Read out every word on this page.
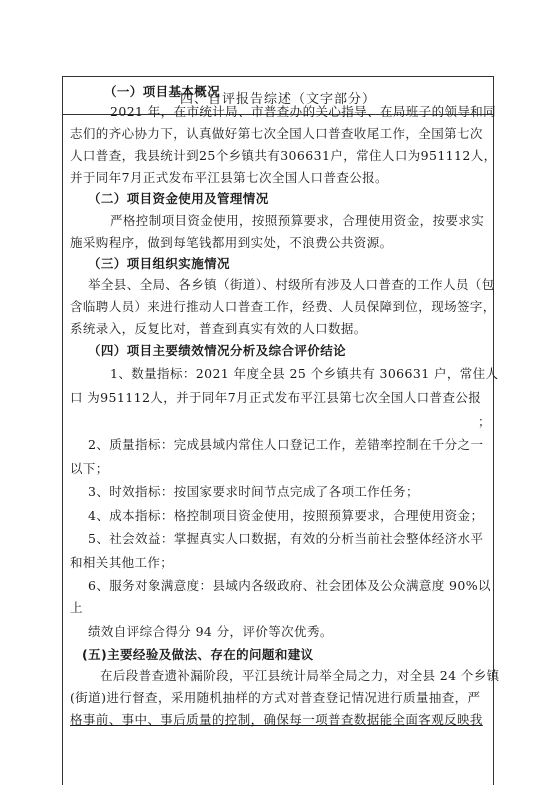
四、自评报告综述（文字部分）
（一）项目基本概况
2021 年，在市统计局、市普查办的关心指导、在局班子的领导和同
志们的齐心协力下，认真做好第七次全国人口普查收尾工作，全国第七次
人口普查，我县统计到25个乡镇共有306631户，常住人口为951112人，
并于同年7月正式发布平江县第七次全国人口普查公报。
（二）项目资金使用及管理情况
严格控制项目资金使用，按照预算要求，合理使用资金，按要求实
施采购程序，做到每笔钱都用到实处，不浪费公共资源。
（三）项目组织实施情况
举全县、全局、各乡镇（街道）、村级所有涉及人口普查的工作人员（包
含临聘人员）来进行推动人口普查工作，经费、人员保障到位，现场签字，
系统录入，反复比对，普查到真实有效的人口数据。
（四）项目主要绩效情况分析及综合评价结论
1、数量指标：2021 年度全县 25 个乡镇共有 306631 户，常住人
口 为951112人，并于同年7月正式发布平江县第七次全国人口普查公报
；
2、质量指标：完成县域内常住人口登记工作，差错率控制在千分之一
以下；
3、时效指标：按国家要求时间节点完成了各项工作任务；
4、成本指标：格控制项目资金使用，按照预算要求，合理使用资金；
5、社会效益：掌握真实人口数据，有效的分析当前社会整体经济水平
和相关其他工作；
6、服务对象满意度：县域内各级政府、社会团体及公众满意度 90%以
上
绩效自评综合得分 94 分，评价等次优秀。
(五)主要经验及做法、存在的问题和建议
在后段普查遗补漏阶段，平江县统计局举全局之力，对全县 24 个乡镇
(街道)进行督查，采用随机抽样的方式对普查登记情况进行质量抽查，严
格事前、事中、事后质量的控制，确保每一项普查数据能全面客观反映我
